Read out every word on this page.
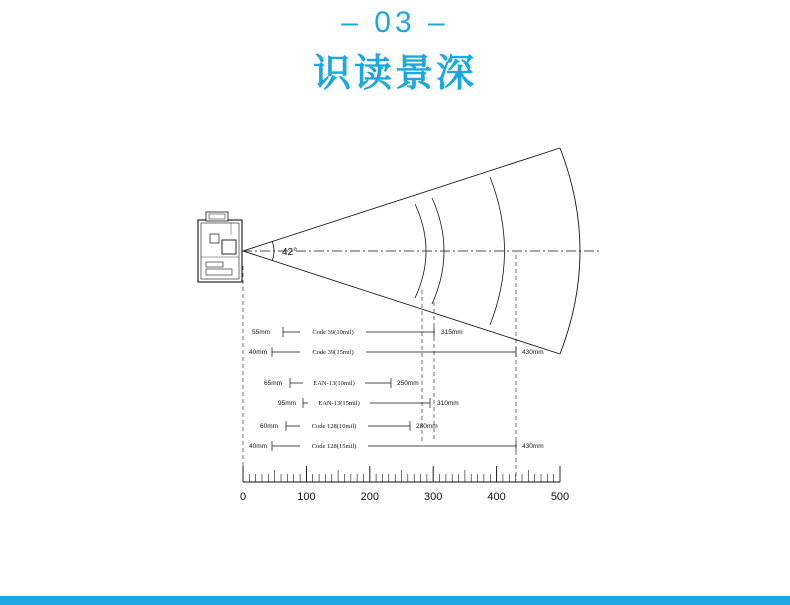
– 03 –
识读景深
42°
55mm	Code 39(10mil)	315mm
40mm	Code 39(15mil)	430mm
65mm	EAN-13(10mil)	250mm
95mm	EAN-13(15mil)	310mm
60mm	Code 128(10mil)	280mm
40mm	Code 128(15mil)	430mm
0	100	200	300	400	500
